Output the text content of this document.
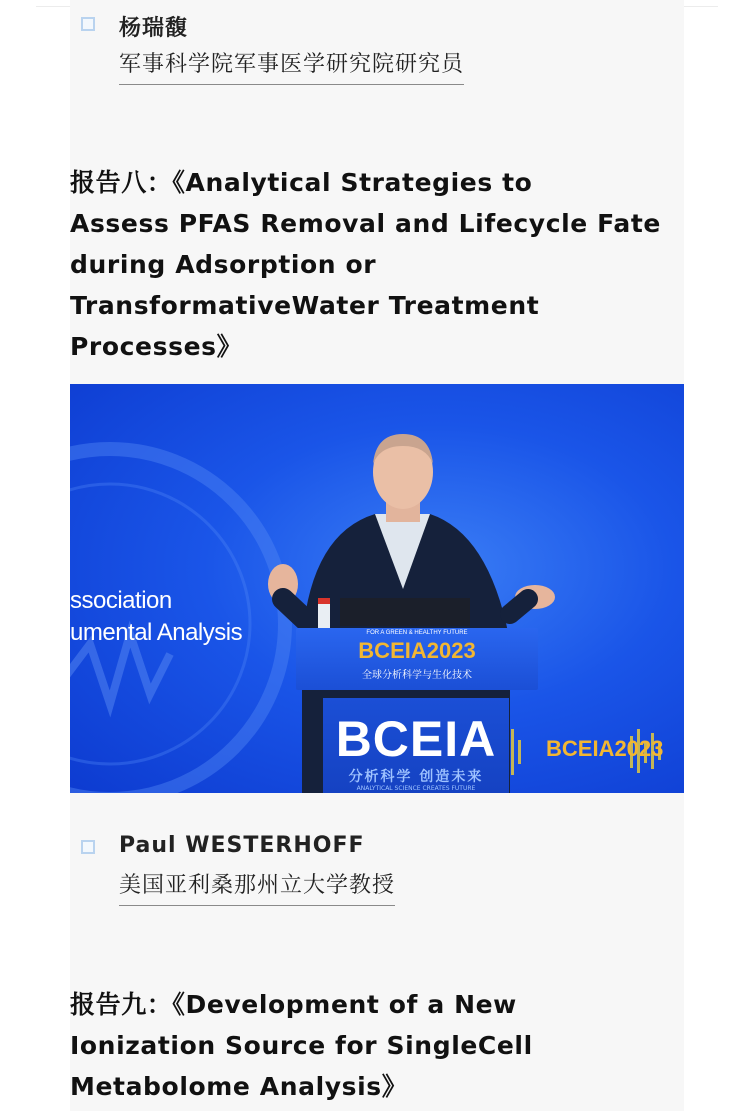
杨瑞馥
军事科学院军事医学研究院研究员
报告八：《Analytical Strategies to
Assess PFAS Removal and Lifecycle Fate
during Adsorption or
TransformativeWater Treatment
Processes》
ssociation
umental Analysis	FOR A GREEN & HEALTHY FUTURE
BCEIA2023
全球分析科学与生化技术
BCEIA
分析科学 创造未来
ANALYTICAL SCIENCE CREATES FUTURE
BCEIA2023
Paul WESTERHOFF
美国亚利桑那州立大学教授
报告九：《Development of a New
Ionization Source for SingleCell
Metabolome Analysis》
